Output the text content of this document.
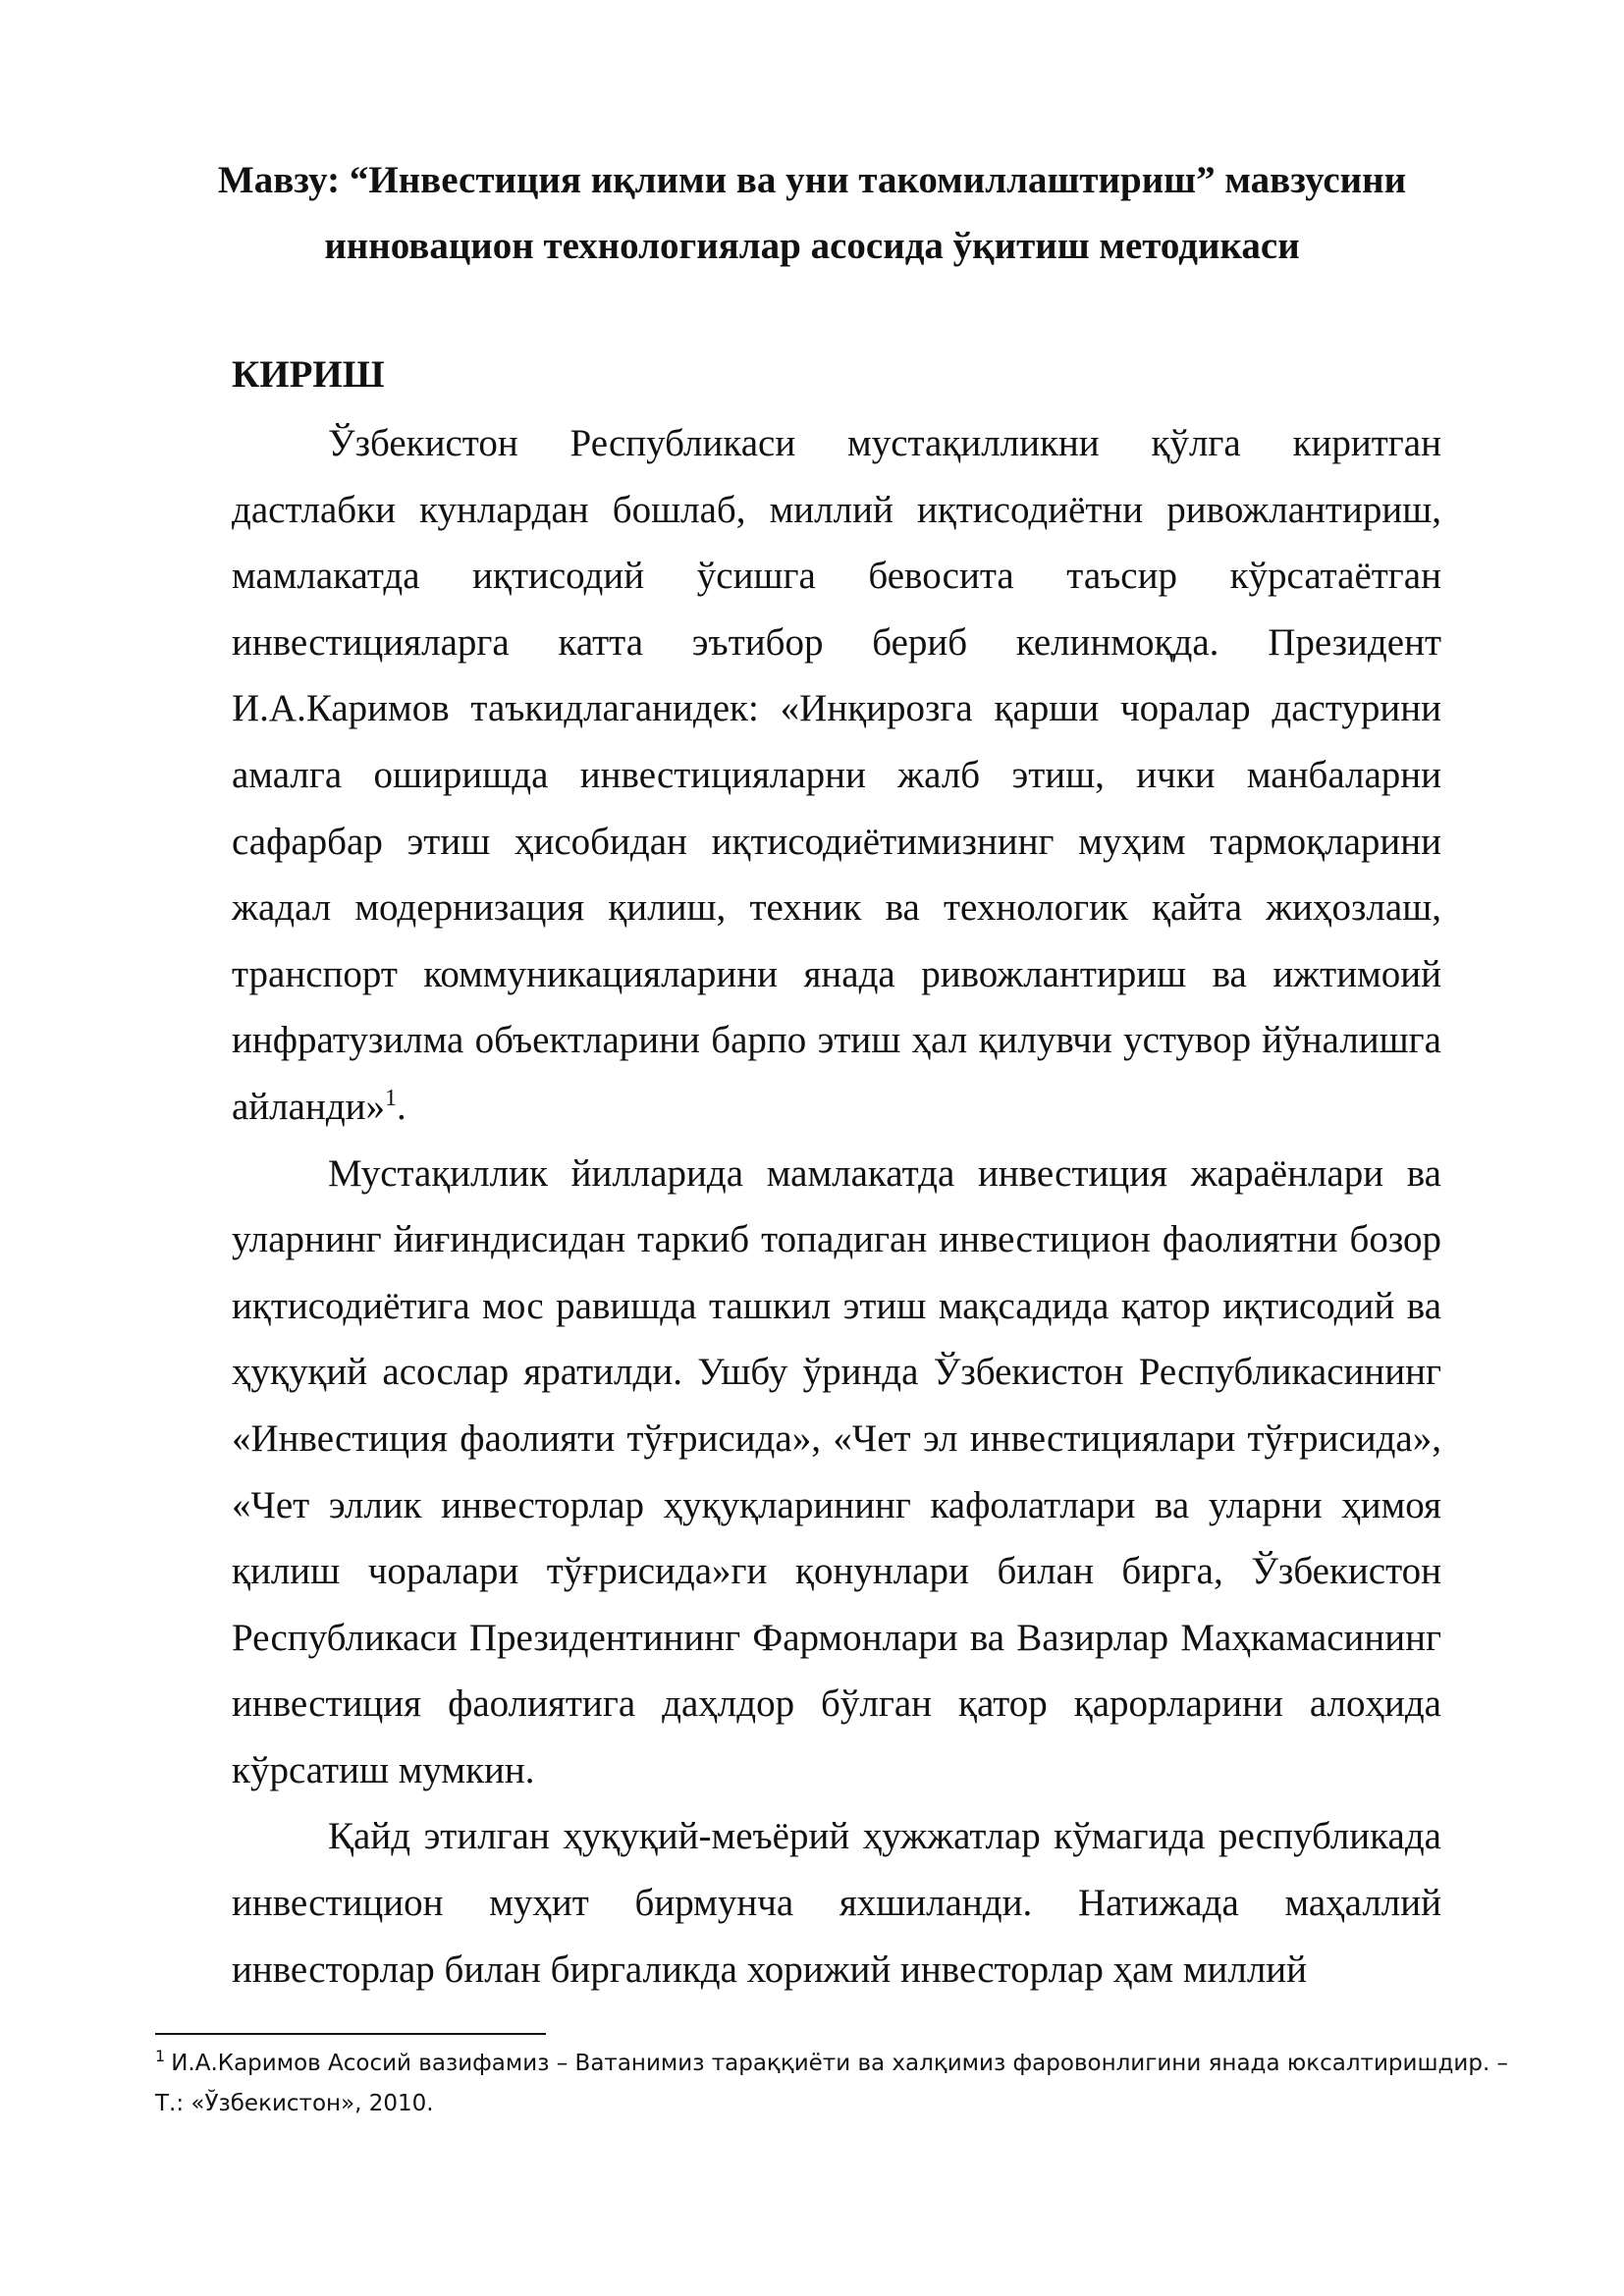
Мавзу: “Инвестиция иқлими ва уни такомиллаштириш” мавзусини
инновацион технологиялар асосида ўқитиш методикаси
КИРИШ

Ўзбекистон Республикаси мустақилликни қўлга киритган дастлабки кунлардан бошлаб, миллий иқтисодиётни ривожлантириш, мамлакатда иқтисодий ўсишга бевосита таъсир кўрсатаётган инвестицияларга катта эътибор бериб келинмоқда. Президент И.А.Каримов таъкидлаганидек: «Инқирозга қарши чоралар дастурини амалга оширишда инвестицияларни жалб этиш, ички манбаларни сафарбар этиш ҳисобидан иқтисодиётимизнинг муҳим тармоқларини жадал модернизация қилиш, техник ва технологик қайта жиҳозлаш, транспорт коммуникацияларини янада ривожлантириш ва ижтимоий инфратузилма объектларини барпо этиш ҳал қилувчи устувор йўналишга айланди»$^1$.

Мустақиллик йилларида мамлакатда инвестиция жараёнлари ва уларнинг йиғиндисидан таркиб топадиган инвестицион фаолиятни бозор иқтисодиётига мос равишда ташкил этиш мақсадида қатор иқтисодий ва ҳуқуқий асослар яратилди. Ушбу ўринда Ўзбекистон Республикасининг «Инвестиция фаолияти тўғрисида», «Чет эл инвестициялари тўғрисида», «Чет эллик инвесторлар ҳуқуқларининг кафолатлари ва уларни ҳимоя қилиш чоралари тўғрисида»ги қонунлари билан бирга, Ўзбекистон Республикаси Президентининг Фармонлари ва Вазирлар Маҳкамасининг инвестиция фаолиятига даҳлдор бўлган қатор қарорларини алоҳида кўрсатиш мумкин.

Қайд этилган ҳуқуқий-меъёрий ҳужжатлар кўмагида республикада инвестицион муҳит бирмунча яхшиланди. Натижада маҳаллий инвесторлар билан биргаликда хорижий инвесторлар ҳам миллий

$^1$ И.А.Каримов Асосий вазифамиз – Ватанимиз тараққиёти ва халқимиз фаровонлигини янада юксалтиришдир. –Т.: «Ўзбекистон», 2010.
